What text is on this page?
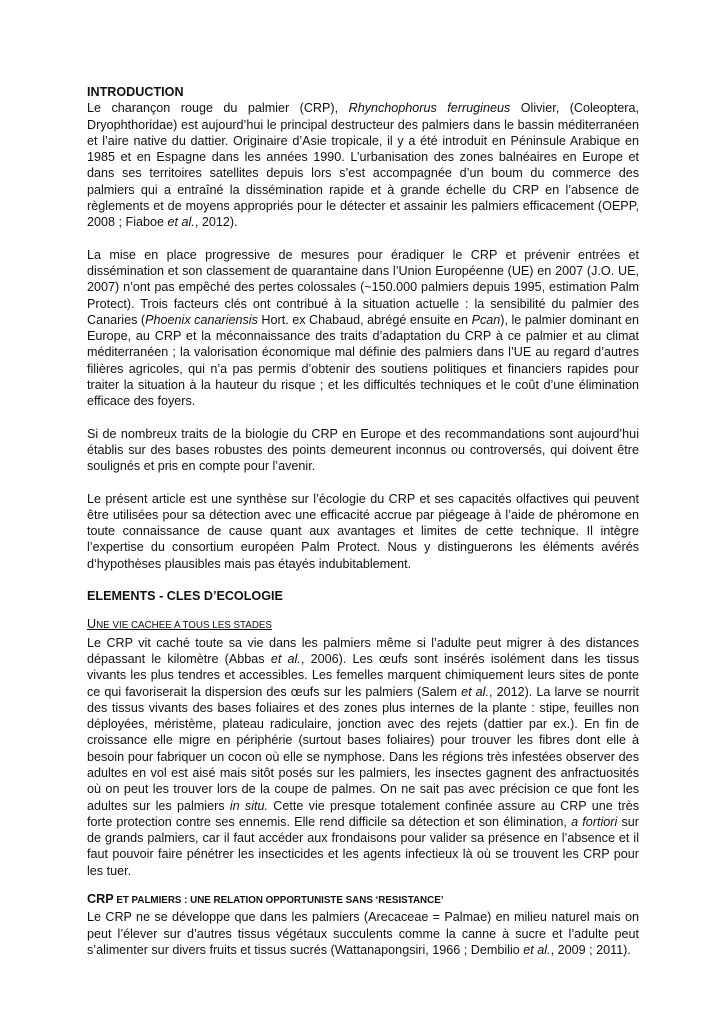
INTRODUCTION

Le charançon rouge du palmier (CRP), Rhynchophorus ferrugineus Olivier, (Coleoptera, Dryophthoridae) est aujourd’hui le principal destructeur des palmiers dans le bassin méditerranéen et l’aire native du dattier. Originaire d’Asie tropicale, il y a été introduit en Péninsule Arabique en 1985 et en Espagne dans les années 1990. L’urbanisation des zones balnéaires en Europe et dans ses territoires satellites depuis lors s’est accompagnée d’un boum du commerce des palmiers qui a entraîné la dissémination rapide et à grande échelle du CRP en l’absence de règlements et de moyens appropriés pour le détecter et assainir les palmiers efficacement (OEPP, 2008 ; Fiaboe et al., 2012).

La mise en place progressive de mesures pour éradiquer le CRP et prévenir entrées et dissémination et son classement de quarantaine dans l’Union Européenne (UE) en 2007 (J.O. UE, 2007) n’ont pas empêché des pertes colossales (~150.000 palmiers depuis 1995, estimation Palm Protect). Trois facteurs clés ont contribué à la situation actuelle : la sensibilité du palmier des Canaries (Phoenix canariensis Hort. ex Chabaud, abrégé ensuite en Pcan), le palmier dominant en Europe, au CRP et la méconnaissance des traits d’adaptation du CRP à ce palmier et au climat méditerranéen ; la valorisation économique mal définie des palmiers dans l’UE au regard d’autres filières agricoles, qui n’a pas permis d’obtenir des soutiens politiques et financiers rapides pour traiter la situation à la hauteur du risque ; et les difficultés techniques et le coût d’une élimination efficace des foyers.

Si de nombreux traits de la biologie du CRP en Europe et des recommandations sont aujourd’hui établis sur des bases robustes des points demeurent inconnus ou controversés, qui doivent être soulignés et pris en compte pour l’avenir.

Le présent article est une synthèse sur l’écologie du CRP et ses capacités olfactives qui peuvent être utilisées pour sa détection avec une efficacité accrue par piégeage à l’aide de phéromone en toute connaissance de cause quant aux avantages et limites de cette technique. Il intègre l’expertise du consortium européen Palm Protect. Nous y distinguerons les éléments avérés d‘hypothèses plausibles mais pas étayés indubitablement.

ELEMENTS - CLES D’ECOLOGIE
UNE VIE CACHEE A TOUS LES STADES

Le CRP vit caché toute sa vie dans les palmiers même si l’adulte peut migrer à des distances dépassant le kilomètre (Abbas et al., 2006). Les œufs sont insérés isolément dans les tissus vivants les plus tendres et accessibles. Les femelles marquent chimiquement leurs sites de ponte ce qui favoriserait la dispersion des œufs sur les palmiers (Salem et al., 2012). La larve se nourrit des tissus vivants des bases foliaires et des zones plus internes de la plante : stipe, feuilles non déployées, méristème, plateau radiculaire, jonction avec des rejets (dattier par ex.). En fin de croissance elle migre en périphérie (surtout bases foliaires) pour trouver les fibres dont elle à besoin pour fabriquer un cocon où elle se nymphose. Dans les régions très infestées observer des adultes en vol est aisé mais sitôt posés sur les palmiers, les insectes gagnent des anfractuosités où on peut les trouver lors de la coupe de palmes. On ne sait pas avec précision ce que font les adultes sur les palmiers in situ. Cette vie presque totalement confinée assure au CRP une très forte protection contre ses ennemis. Elle rend difficile sa détection et son élimination, a fortiori sur de grands palmiers, car il faut accéder aux frondaisons pour valider sa présence en l’absence et il faut pouvoir faire pénétrer les insecticides et les agents infectieux là où se trouvent les CRP pour les tuer.

CRP ET PALMIERS : UNE RELATION OPPORTUNISTE SANS ‘RESISTANCE’

Le CRP ne se développe que dans les palmiers (Arecaceae = Palmae) en milieu naturel mais on peut l’élever sur d’autres tissus végétaux succulents comme la canne à sucre et l’adulte peut s’alimenter sur divers fruits et tissus sucrés (Wattanapongsiri, 1966 ; Dembilio et al., 2009 ; 2011).
